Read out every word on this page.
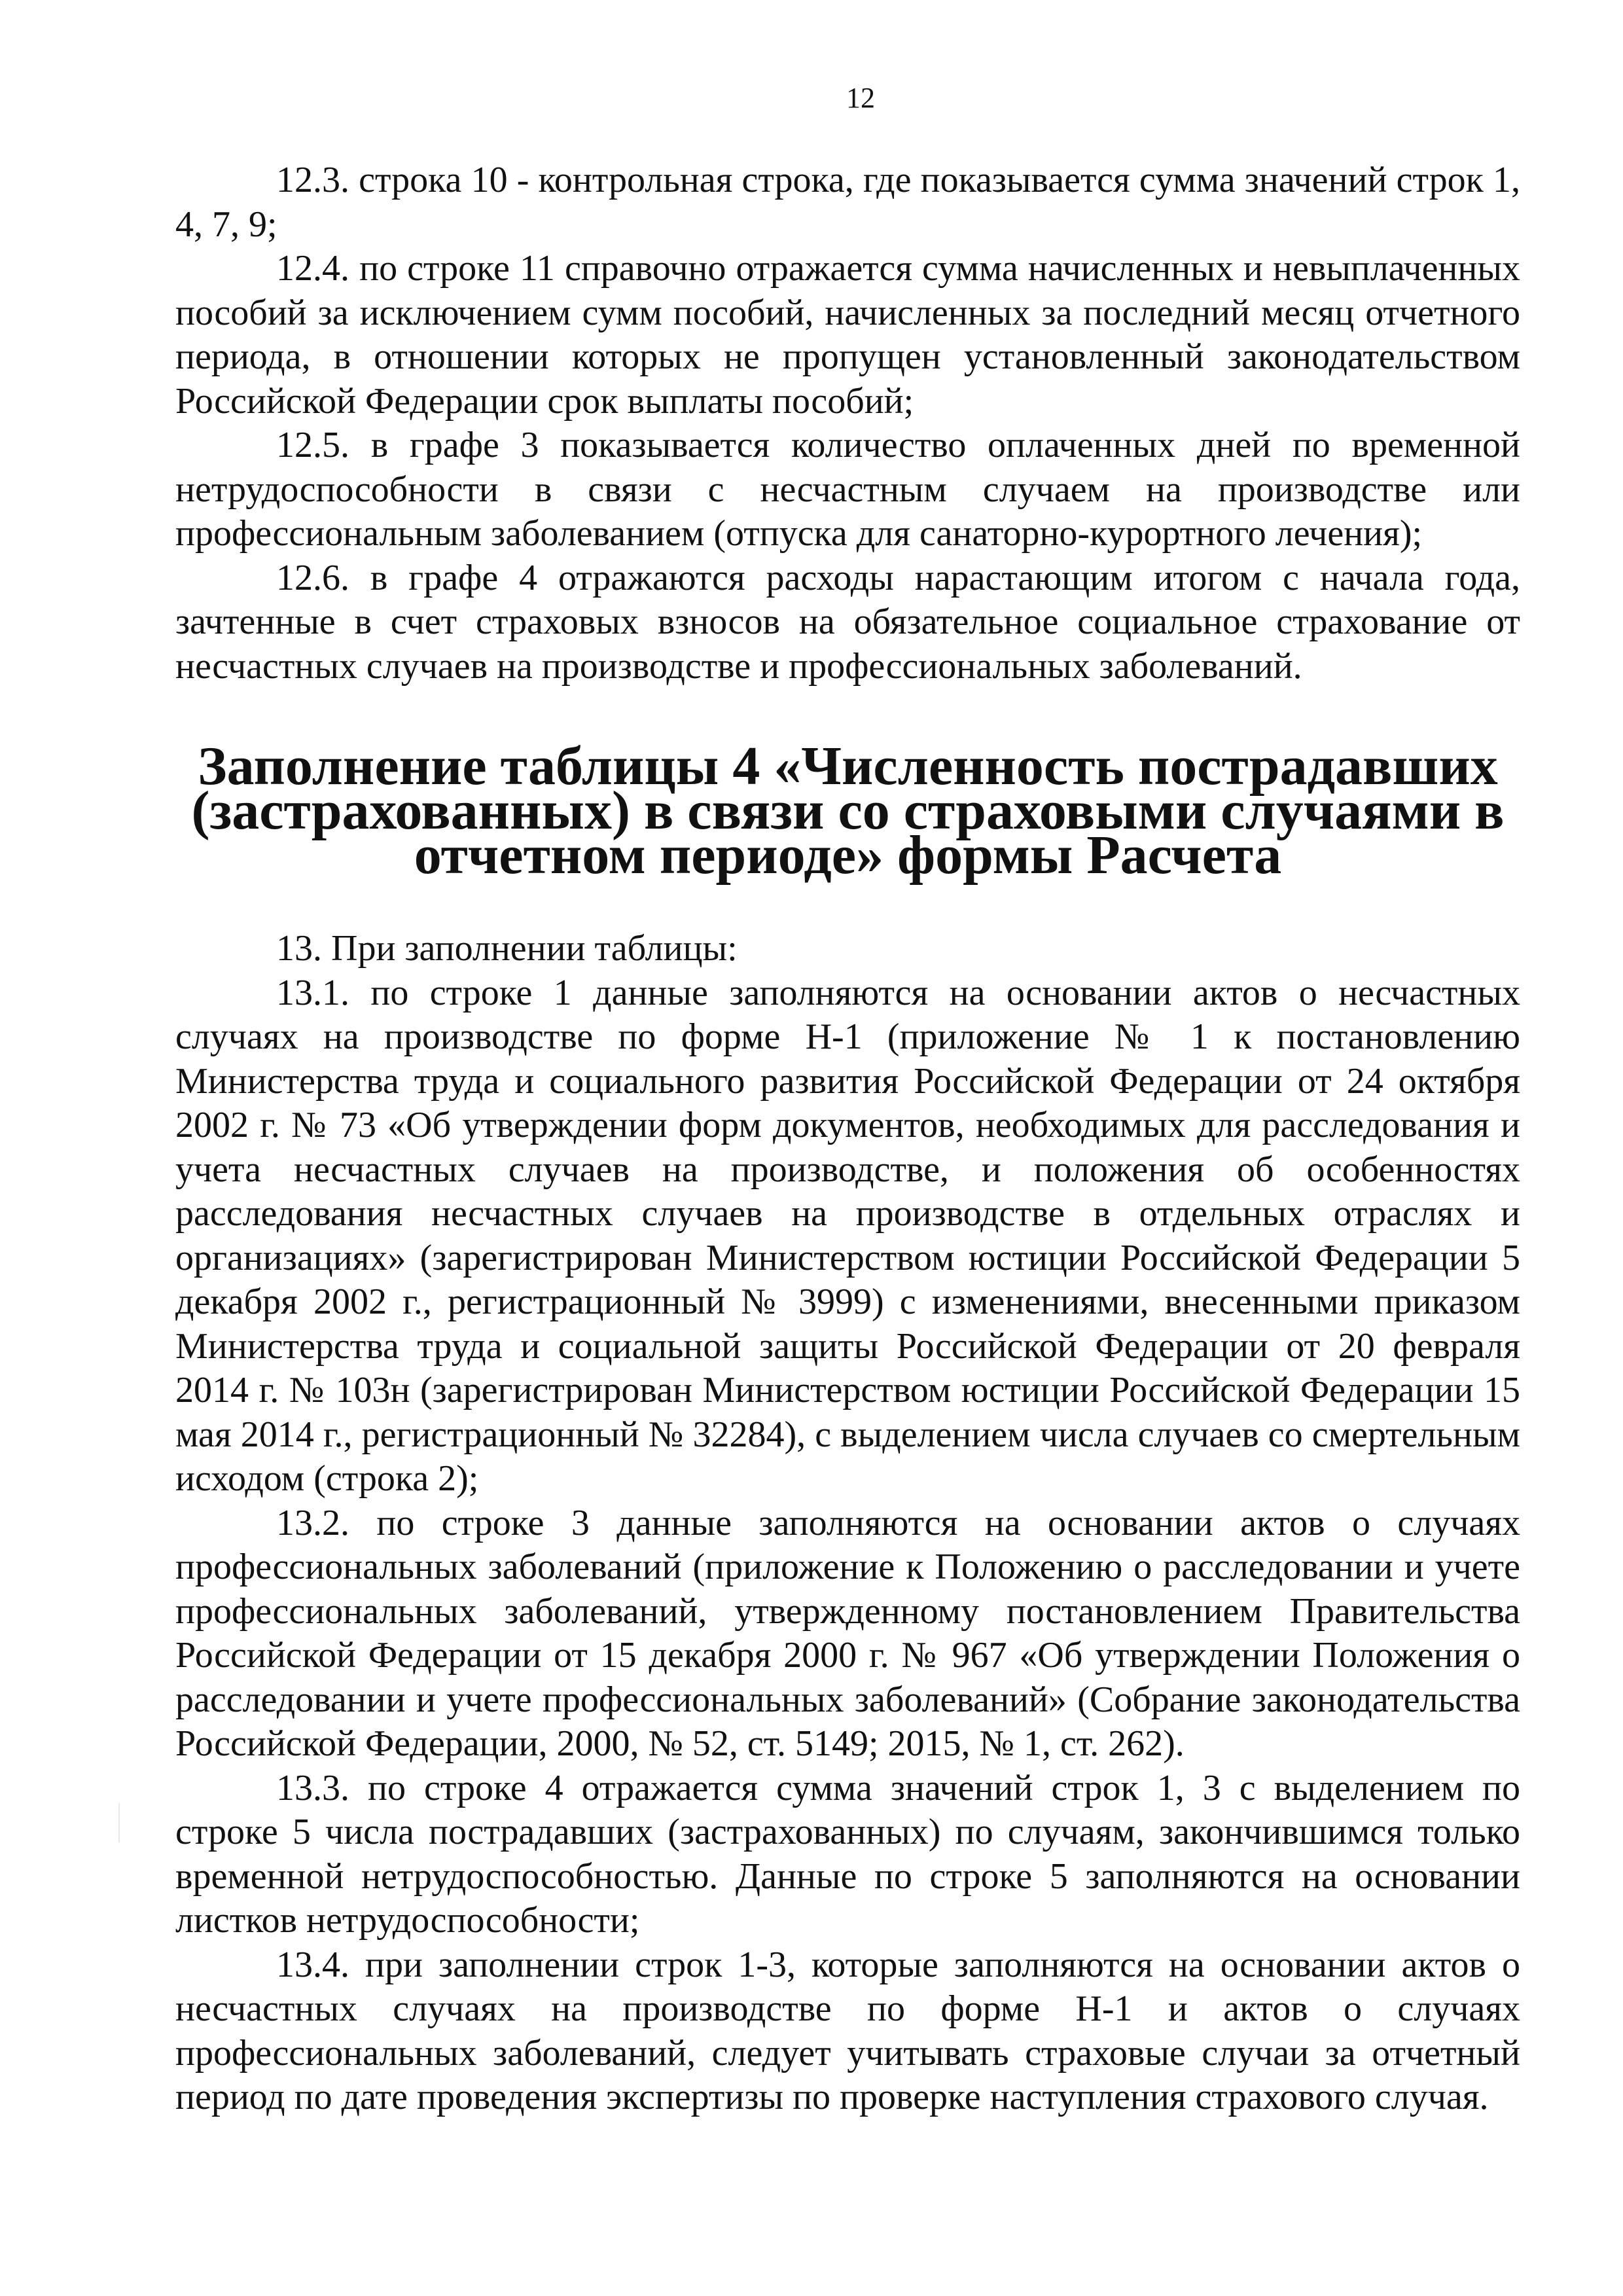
12

12.3. строка 10 - контрольная строка, где показывается сумма значений строк 1, 4, 7, 9;

12.4. по строке 11 справочно отражается сумма начисленных и невыплаченных пособий за исключением сумм пособий, начисленных за последний месяц отчетного периода, в отношении которых не пропущен установленный законодательством Российской Федерации срок выплаты пособий;

12.5. в графе 3 показывается количество оплаченных дней по временной нетрудоспособности в связи с несчастным случаем на производстве или профессиональным заболеванием (отпуска для санаторно-курортного лечения);

12.6. в графе 4 отражаются расходы нарастающим итогом с начала года, зачтенные в счет страховых взносов на обязательное социальное страхование от несчастных случаев на производстве и профессиональных заболеваний.

Заполнение таблицы 4 «Численность пострадавших (застрахованных) в связи со страховыми случаями в отчетном периоде» формы Расчета

13. При заполнении таблицы:

13.1. по строке 1 данные заполняются на основании актов о несчастных случаях на производстве по форме Н-1 (приложение № 1 к постановлению Министерства труда и социального развития Российской Федерации от 24 октября 2002 г. № 73 «Об утверждении форм документов, необходимых для расследования и учета несчастных случаев на производстве, и положения об особенностях расследования несчастных случаев на производстве в отдельных отраслях и организациях» (зарегистрирован Министерством юстиции Российской Федерации 5 декабря 2002 г., регистрационный № 3999) с изменениями, внесенными приказом Министерства труда и социальной защиты Российской Федерации от 20 февраля 2014 г. № 103н (зарегистрирован Министерством юстиции Российской Федерации 15 мая 2014 г., регистрационный № 32284), с выделением числа случаев со смертельным исходом (строка 2);

13.2. по строке 3 данные заполняются на основании актов о случаях профессиональных заболеваний (приложение к Положению о расследовании и учете профессиональных заболеваний, утвержденному постановлением Правительства Российской Федерации от 15 декабря 2000 г. № 967 «Об утверждении Положения о расследовании и учете профессиональных заболеваний» (Собрание законодательства Российской Федерации, 2000, № 52, ст. 5149; 2015, № 1, ст. 262).

13.3. по строке 4 отражается сумма значений строк 1, 3 с выделением по строке 5 числа пострадавших (застрахованных) по случаям, закончившимся только временной нетрудоспособностью. Данные по строке 5 заполняются на основании листков нетрудоспособности;

13.4. при заполнении строк 1-3, которые заполняются на основании актов о несчастных случаях на производстве по форме Н-1 и актов о случаях профессиональных заболеваний, следует учитывать страховые случаи за отчетный период по дате проведения экспертизы по проверке наступления страхового случая.
